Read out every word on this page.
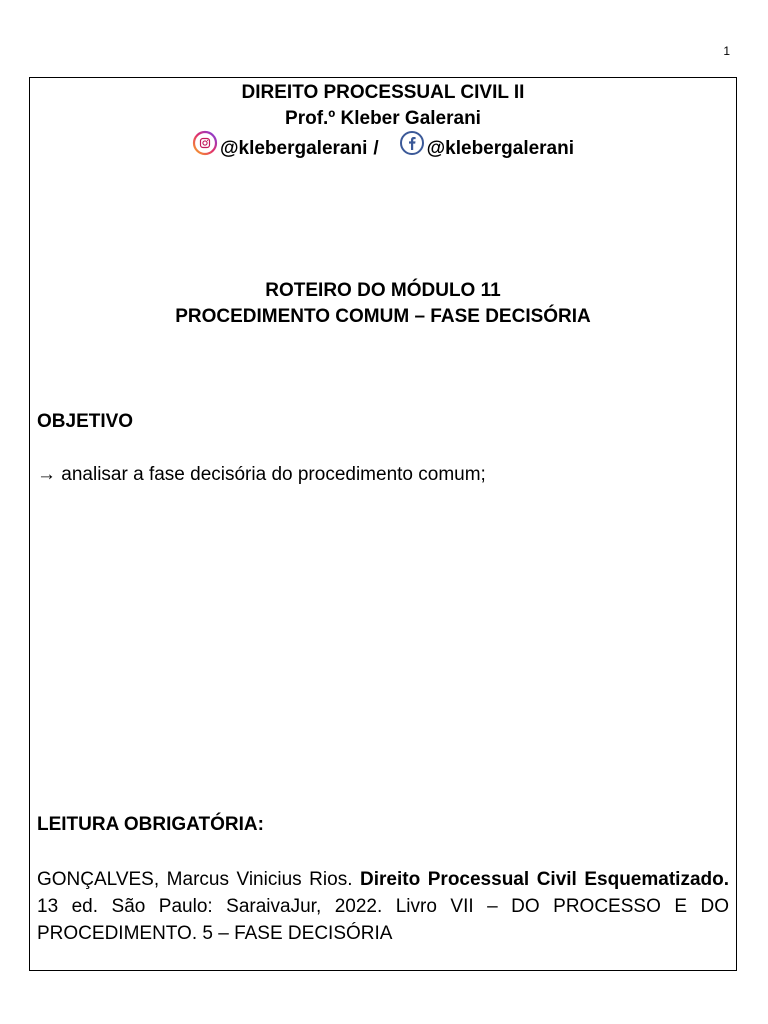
1
DIREITO PROCESSUAL CIVIL II
Prof.º Kleber Galerani
@klebergalerani /	@klebergalerani
ROTEIRO DO MÓDULO 11
PROCEDIMENTO COMUM – FASE DECISÓRIA
OBJETIVO
→ analisar a fase decisória do procedimento comum;
LEITURA OBRIGATÓRIA:
GONÇALVES, Marcus Vinicius Rios. Direito Processual Civil Esquematizado. 13 ed. São Paulo: SaraivaJur, 2022. Livro VII – DO PROCESSO E DO PROCEDIMENTO. 5 – FASE DECISÓRIA
